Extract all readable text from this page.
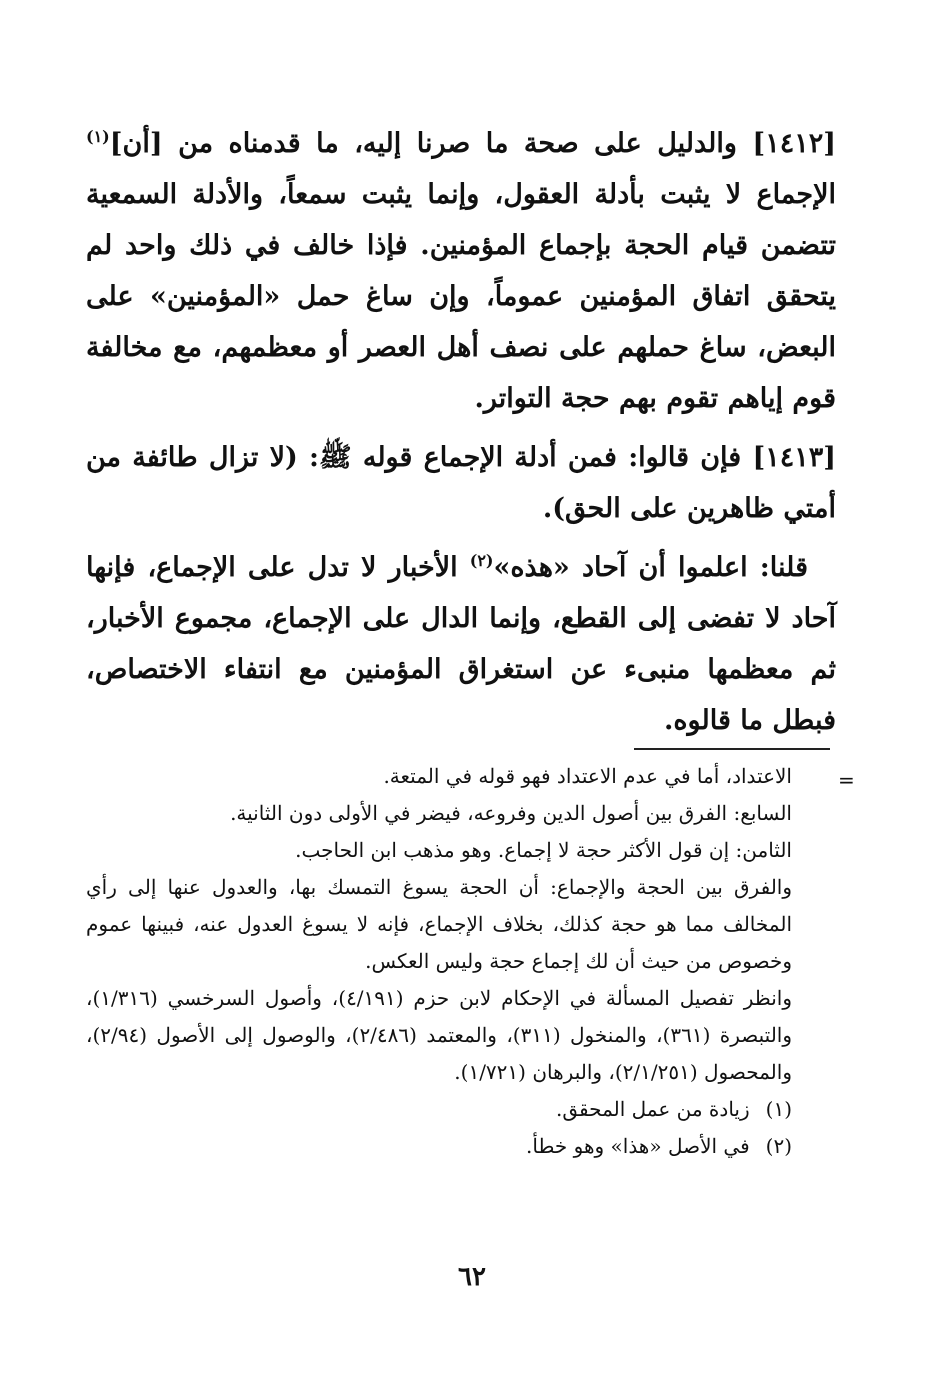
[١٤١٢] والدليل على صحة ما صرنا إليه، ما قدمناه من [أن]$^{(١)}$ الإجماع لا يثبت بأدلة العقول، وإنما يثبت سمعاً، والأدلة السمعية تتضمن قيام الحجة بإجماع المؤمنين. فإذا خالف في ذلك واحد لم يتحقق اتفاق المؤمنين عموماً، وإن ساغ حمل «المؤمنين» على البعض، ساغ حملهم على نصف أهل العصر أو معظمهم، مع مخالفة قوم إياهم تقوم بهم حجة التواتر.

[١٤١٣] فإن قالوا: فمن أدلة الإجماع قوله ﷺ: (لا تزال طائفة من أمتي ظاهرين على الحق).

قلنا: اعلموا أن آحاد «هذه»$^{(٢)}$ الأخبار لا تدل على الإجماع، فإنها آحاد لا تفضى إلى القطع، وإنما الدال على الإجماع، مجموع الأخبار، ثم معظمها منبىء عن استغراق المؤمنين مع انتفاء الاختصاص، فبطل ما قالوه.

=

الاعتداد، أما في عدم الاعتداد فهو قوله في المتعة.

السابع: الفرق بين أصول الدين وفروعه، فيضر في الأولى دون الثانية.

الثامن: إن قول الأكثر حجة لا إجماع. وهو مذهب ابن الحاجب.

والفرق بين الحجة والإجماع: أن الحجة يسوغ التمسك بها، والعدول عنها إلى رأي المخالف مما هو حجة كذلك، بخلاف الإجماع، فإنه لا يسوغ العدول عنه، فبينها عموم وخصوص من حيث أن لك إجماع حجة وليس العكس.

وانظر تفصيل المسألة في الإحكام لابن حزم (٤/١٩١)، وأصول السرخسي (١/٣١٦)، والتبصرة (٣٦١)، والمنخول (٣١١)، والمعتمد (٢/٤٨٦)، والوصول إلى الأصول (٢/٩٤)، والمحصول (٢/١/٢٥١)، والبرهان (١/٧٢١).

(١) زيادة من عمل المحقق.

(٢) في الأصل «هذا» وهو خطأ.

٦٢
